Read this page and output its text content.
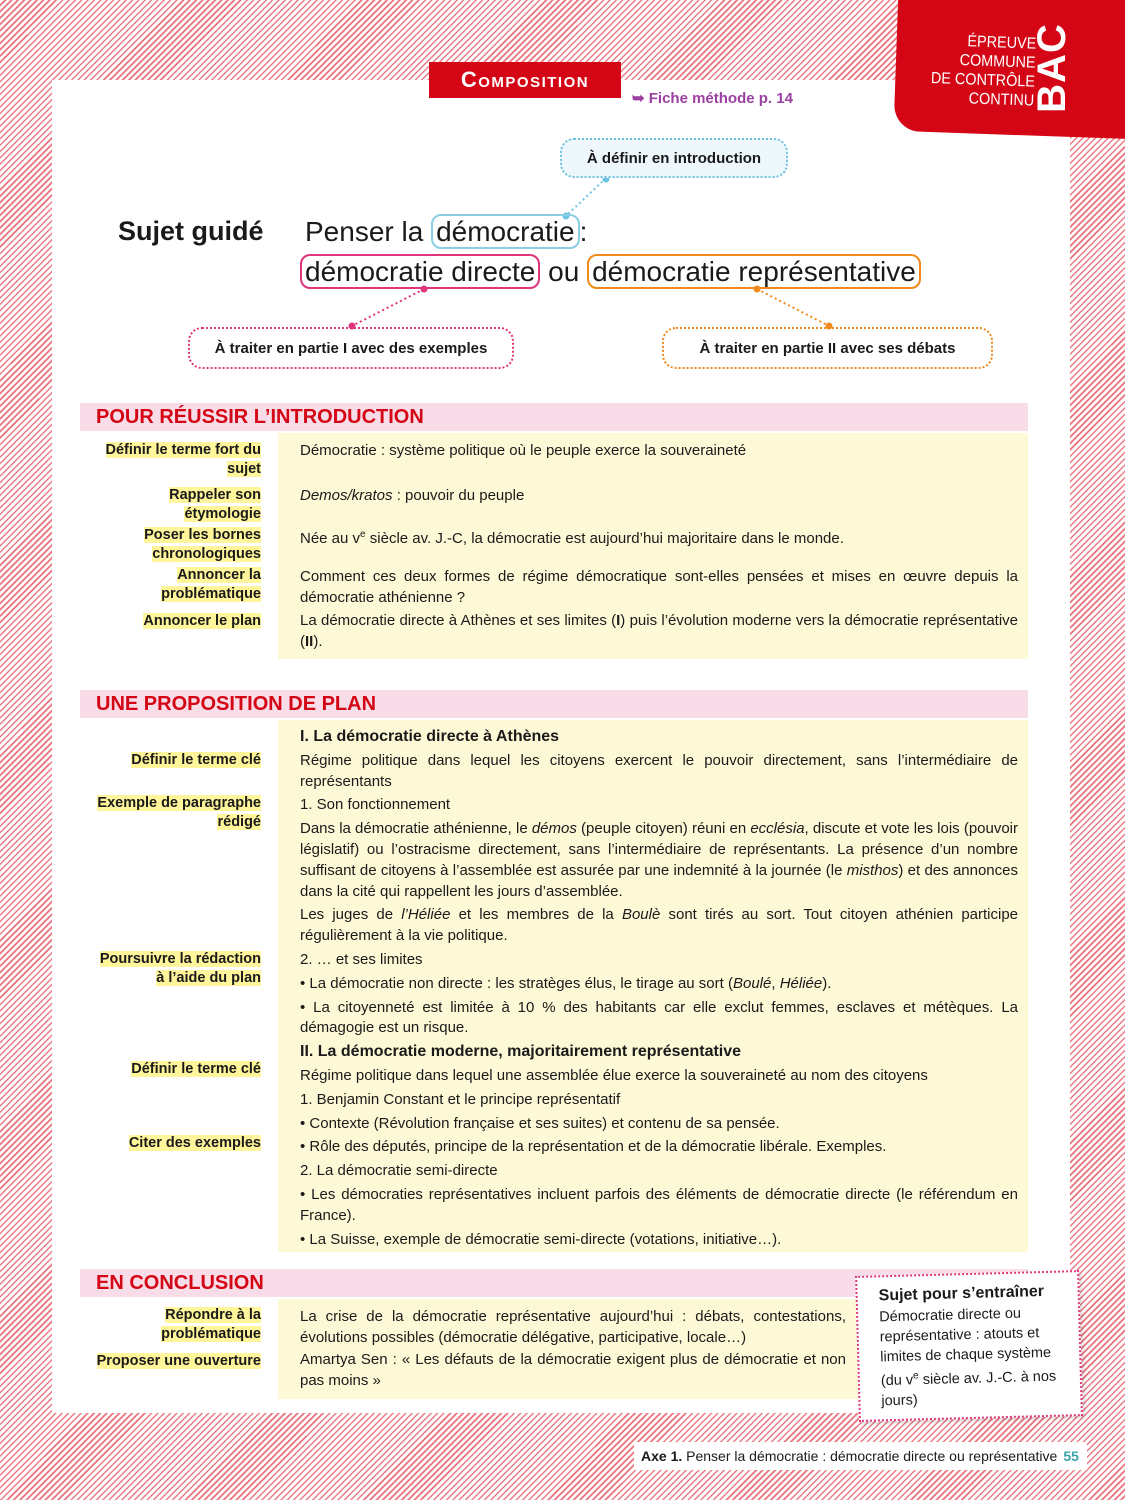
ÉPREUVE
COMMUNE
DE CONTRÔLE
CONTINU
BAC
Composition
➥ Fiche méthode p. 14
À définir en introduction
Sujet guidé Penser la démocratie :
démocratie directe ou démocratie représentative
À traiter en partie I avec des exemples	À traiter en partie II avec ses débats
POUR RÉUSSIR L’INTRODUCTION
Définir le terme fort du sujet
Rappeler son étymologie
Poser les bornes chronologiques
Annoncer la problématique
Annoncer le plan
Démocratie : système politique où le peuple exerce la souveraineté
Demos/kratos : pouvoir du peuple
Née au $v^e$ siècle av. J.-C, la démocratie est aujourd’hui majoritaire dans le monde.
Comment ces deux formes de régime démocratique sont-elles pensées et mises en œuvre depuis la démocratie athénienne ?
La démocratie directe à Athènes et ses limites (I) puis l’évolution moderne vers la démocratie représentative (II).
UNE PROPOSITION DE PLAN
Définir le terme clé
Exemple de paragraphe rédigé
Poursuivre la rédaction à l’aide du plan
Définir le terme clé
Citer des exemples
I. La démocratie directe à Athènes
Régime politique dans lequel les citoyens exercent le pouvoir directement, sans l’intermédiaire de représentants
1. Son fonctionnement
Dans la démocratie athénienne, le démos (peuple citoyen) réuni en ecclésia, discute et vote les lois (pouvoir législatif) ou l’ostracisme directement, sans l’intermédiaire de représentants. La présence d’un nombre suffisant de citoyens à l’assemblée est assurée par une indemnité à la journée (le misthos) et des annonces dans la cité qui rappellent les jours d’assemblée.
Les juges de l’Héliée et les membres de la Boulè sont tirés au sort. Tout citoyen athénien participe régulièrement à la vie politique.
2. … et ses limites
• La démocratie non directe : les stratèges élus, le tirage au sort (Boulé, Héliée).
• La citoyenneté est limitée à 10 % des habitants car elle exclut femmes, esclaves et métèques. La démagogie est un risque.
II. La démocratie moderne, majoritairement représentative
Régime politique dans lequel une assemblée élue exerce la souveraineté au nom des citoyens
1. Benjamin Constant et le principe représentatif
• Contexte (Révolution française et ses suites) et contenu de sa pensée.
• Rôle des députés, principe de la représentation et de la démocratie libérale. Exemples.
2. La démocratie semi-directe
• Les démocraties représentatives incluent parfois des éléments de démocratie directe (le référendum en France).
• La Suisse, exemple de démocratie semi-directe (votations, initiative…).
EN CONCLUSION
Répondre à la problématique
Proposer une ouverture
La crise de la démocratie représentative aujourd’hui : débats, contestations, évolutions possibles (démocratie délégative, participative, locale…)
Amartya Sen : « Les défauts de la démocratie exigent plus de démocratie et non pas moins »
Sujet pour s’entraîner

Démocratie directe ou représentative : atouts et limites de chaque système (du $v^e$ siècle av. J.-C. à nos jours)

Axe 1. Penser la démocratie : démocratie directe ou représentative 55
